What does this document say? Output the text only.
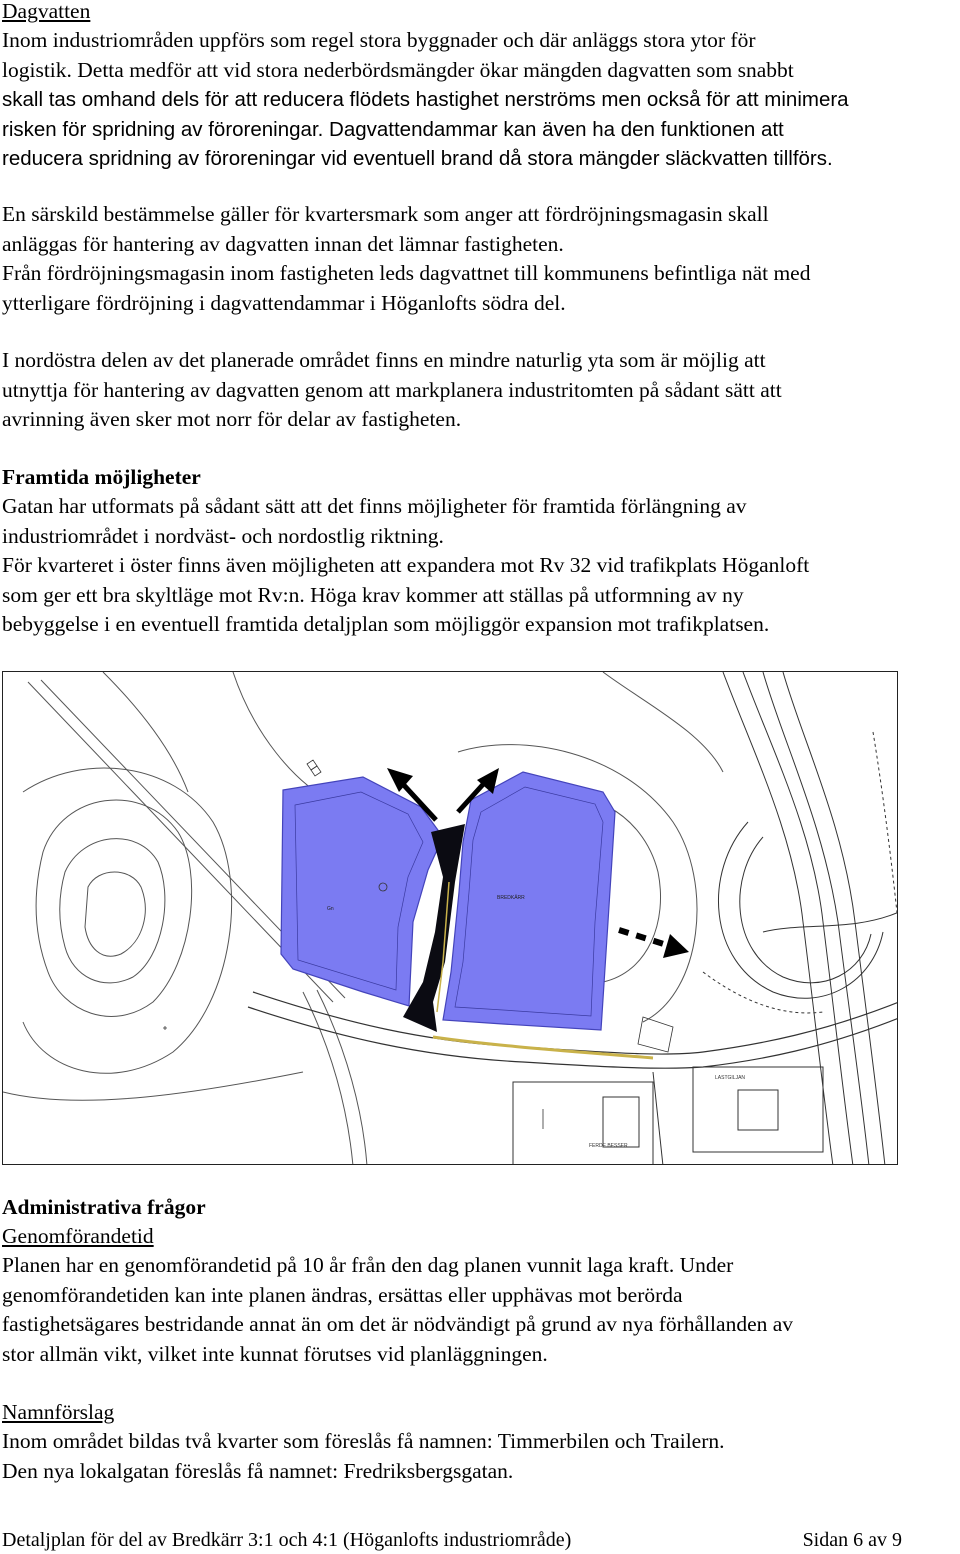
Dagvatten
Inom industriområden uppförs som regel stora byggnader och där anläggs stora ytor för
logistik. Detta medför att vid stora nederbördsmängder ökar mängden dagvatten som snabbt
skall tas omhand dels för att reducera flödets hastighet nerströms men också för att minimera
risken för spridning av föroreningar. Dagvattendammar kan även ha den funktionen att
reducera spridning av föroreningar vid eventuell brand då stora mängder släckvatten tillförs.
En särskild bestämmelse gäller för kvartersmark som anger att fördröjningsmagasin skall
anläggas för hantering av dagvatten innan det lämnar fastigheten.
Från fördröjningsmagasin inom fastigheten leds dagvattnet till kommunens befintliga nät med
ytterligare fördröjning i dagvattendammar i Höganlofts södra del.
I nordöstra delen av det planerade området finns en mindre naturlig yta som är möjlig att
utnyttja för hantering av dagvatten genom att markplanera industritomten på sådant sätt att
avrinning även sker mot norr för delar av fastigheten.
Framtida möjligheter
Gatan har utformats på sådant sätt att det finns möjligheter för framtida förlängning av
industriområdet i nordväst- och nordostlig riktning.
För kvarteret i öster finns även möjligheten att expandera mot Rv 32 vid trafikplats Höganloft
som ger ett bra skyltläge mot Rv:n. Höga krav kommer att ställas på utformning av ny
bebyggelse i en eventuell framtida detaljplan som möjliggör expansion mot trafikplatsen.
LASTGILJAN
FERDE BESSER
Gn
BREDKÄRR
Administrativa frågor
Genomförandetid
Planen har en genomförandetid på 10 år från den dag planen vunnit laga kraft. Under
genomförandetiden kan inte planen ändras, ersättas eller upphävas mot berörda
fastighetsägares bestridande annat än om det är nödvändigt på grund av nya förhållanden av
stor allmän vikt, vilket inte kunnat förutses vid planläggningen.
Namnförslag
Inom området bildas två kvarter som föreslås få namnen: Timmerbilen och Trailern.
Den nya lokalgatan föreslås få namnet: Fredriksbergsgatan.
Detaljplan för del av Bredkärr 3:1 och 4:1 (Höganlofts industriområde)	Sidan 6 av 9
